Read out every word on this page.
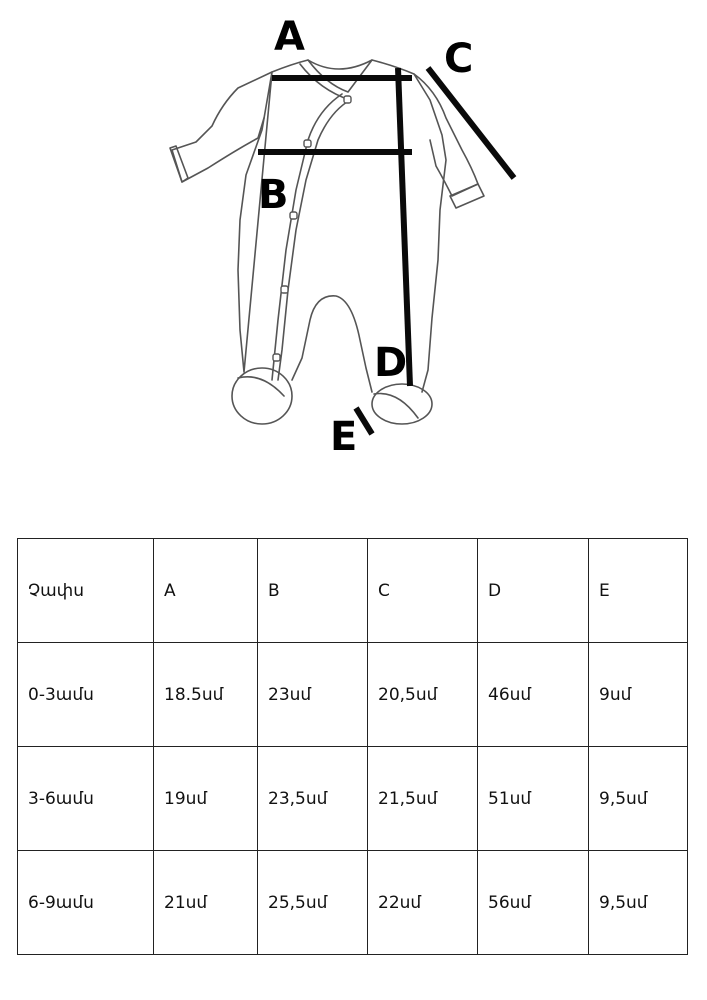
A
B
C
D
E
Չափս	A	B	C	D	E
0-3ամս	18.5սմ	23սմ	20,5սմ	46սմ	9սմ
3-6ամս	19սմ	23,5սմ	21,5սմ	51սմ	9,5սմ
6-9ամս	21սմ	25,5սմ	22սմ	56սմ	9,5սմ
